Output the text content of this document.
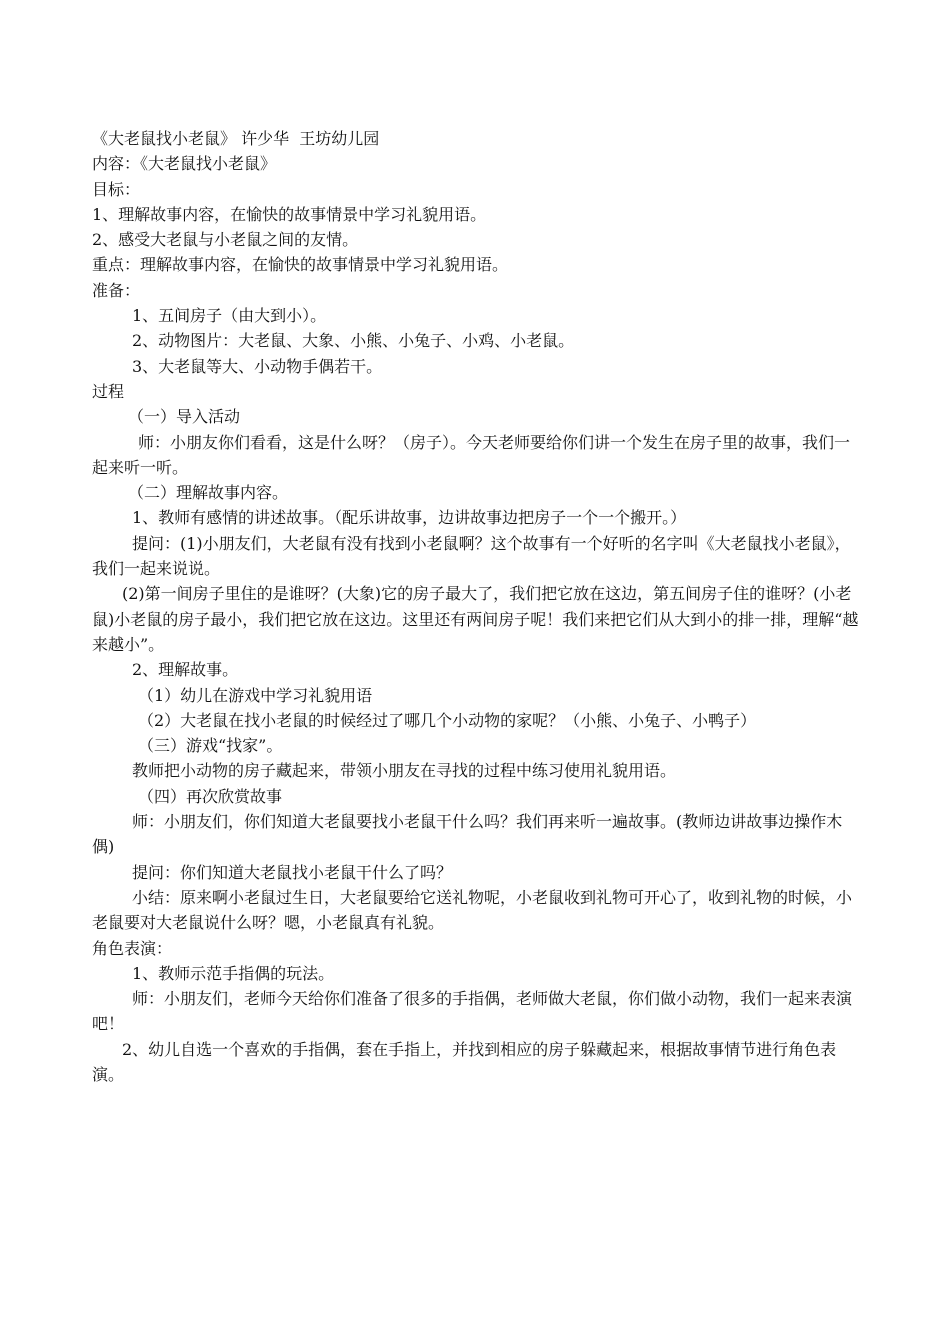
《大老鼠找小老鼠》 许少华  王坊幼儿园

内容：《大老鼠找小老鼠》

目标：

1、理解故事内容，在愉快的故事情景中学习礼貌用语。

2、感受大老鼠与小老鼠之间的友情。

重点：理解故事内容，在愉快的故事情景中学习礼貌用语。

准备：

1、五间房子（由大到小）。

2、动物图片：大老鼠、大象、小熊、小兔子、小鸡、小老鼠。

3、大老鼠等大、小动物手偶若干。

过程

（一）导入活动

师：小朋友你们看看，这是什么呀？（房子）。今天老师要给你们讲一个发生在房子里的故事，我们一起来听一听。

（二）理解故事内容。

1、教师有感情的讲述故事。（配乐讲故事，边讲故事边把房子一个一个搬开。）

提问：(1)小朋友们，大老鼠有没有找到小老鼠啊？这个故事有一个好听的名字叫《大老鼠找小老鼠》，我们一起来说说。

(2)第一间房子里住的是谁呀？(大象)它的房子最大了，我们把它放在这边，第五间房子住的谁呀？(小老鼠)小老鼠的房子最小，我们把它放在这边。这里还有两间房子呢！我们来把它们从大到小的排一排，理解“越来越小”。

2、理解故事。

（1）幼儿在游戏中学习礼貌用语

（2）大老鼠在找小老鼠的时候经过了哪几个小动物的家呢？（小熊、小兔子、小鸭子）

（三）游戏“找家”。

教师把小动物的房子藏起来，带领小朋友在寻找的过程中练习使用礼貌用语。

（四）再次欣赏故事

师：小朋友们，你们知道大老鼠要找小老鼠干什么吗？我们再来听一遍故事。(教师边讲故事边操作木偶)

提问：你们知道大老鼠找小老鼠干什么了吗？

小结：原来啊小老鼠过生日，大老鼠要给它送礼物呢，小老鼠收到礼物可开心了，收到礼物的时候，小老鼠要对大老鼠说什么呀？嗯，小老鼠真有礼貌。

角色表演：

1、教师示范手指偶的玩法。

师：小朋友们，老师今天给你们准备了很多的手指偶，老师做大老鼠，你们做小动物，我们一起来表演吧！

2、幼儿自选一个喜欢的手指偶，套在手指上，并找到相应的房子躲藏起来，根据故事情节进行角色表演。
